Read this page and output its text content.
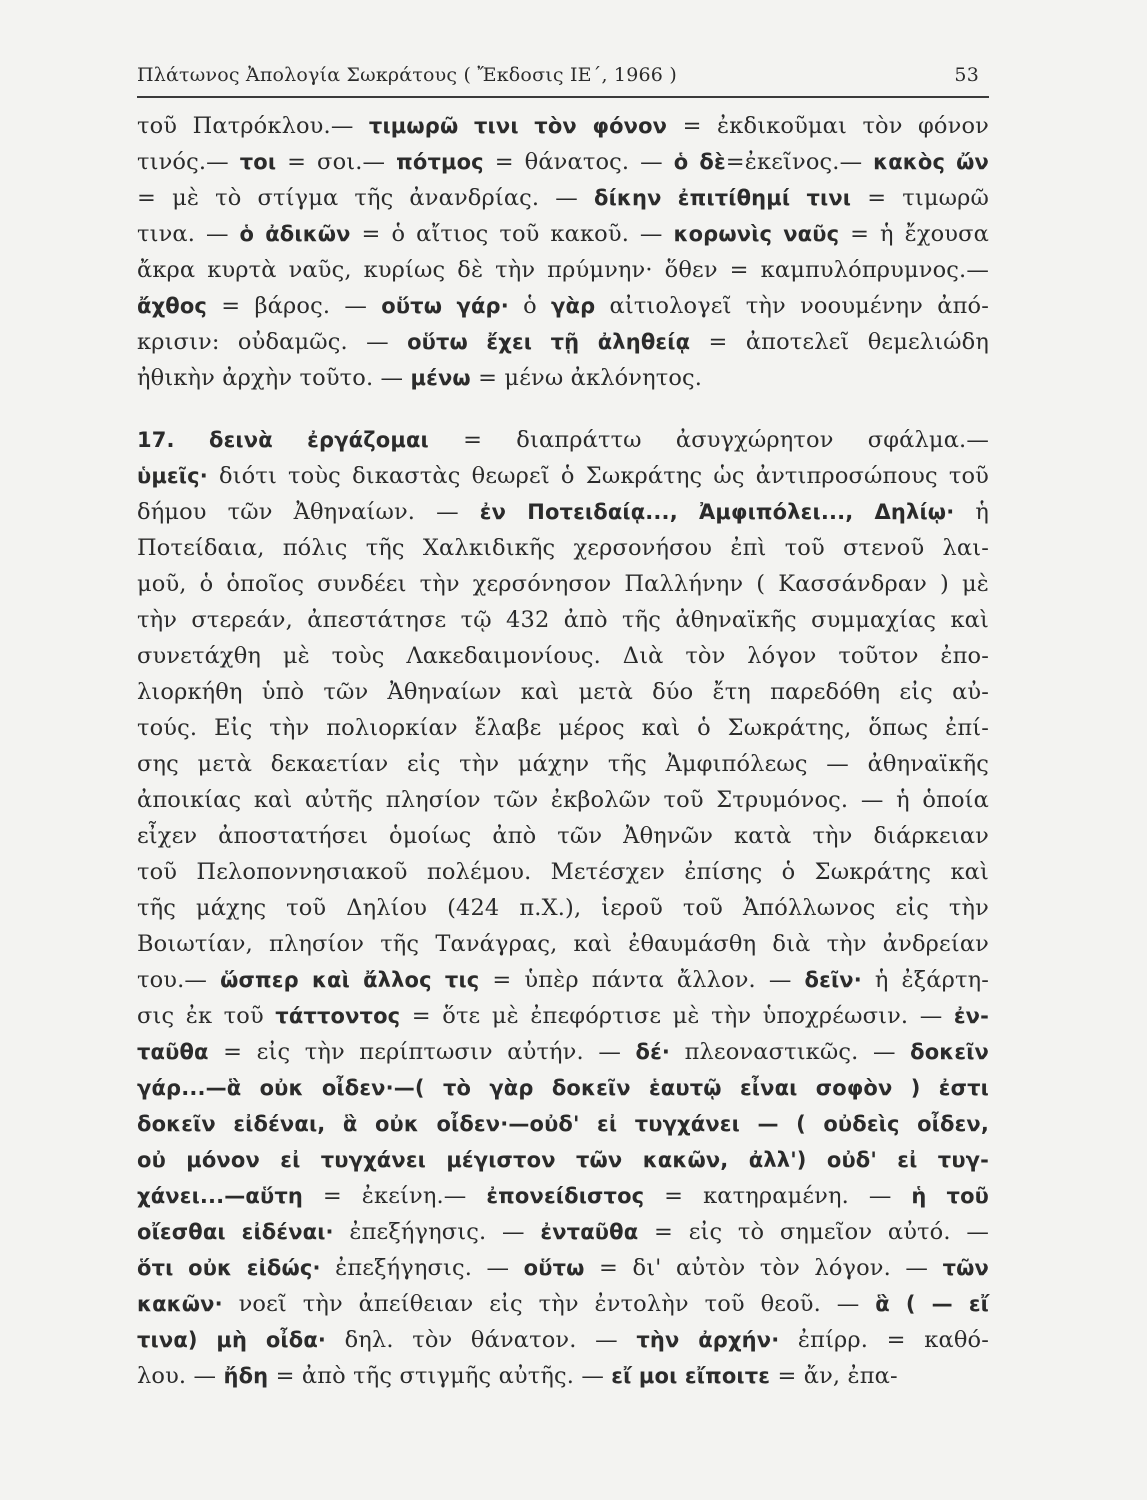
Πλάτωνος Ἀπολογία Σωκράτους ( Ἔκδοσις ΙΕ΄, 1966 )	53
τοῦ Πατρόκλου.— τιμωρῶ τινι τὸν φόνον = ἐκδικοῦμαι τὸν φόνον
τινός.— τοι = σοι.— πότμος = θάνατος. — ὁ δὲ=ἐκεῖνος.— κακὸς ὤν
= μὲ τὸ στίγμα τῆς ἀνανδρίας. — δίκην ἐπιτίθημί τινι = τιμωρῶ
τινα. — ὁ ἀδικῶν = ὁ αἴτιος τοῦ κακοῦ. — κορωνὶς ναῦς = ἡ ἔχουσα
ἄκρα κυρτὰ ναῦς, κυρίως δὲ τὴν πρύμνην· ὅθεν = καμπυλόπρυμνος.—
ἄχθος = βάρος. — οὕτω γάρ· ὁ γὰρ αἰτιολογεῖ τὴν νοουμένην ἀπό-
κρισιν: οὐδαμῶς. — οὕτω ἔχει τῇ ἀληθείᾳ = ἀποτελεῖ θεμελιώδη
ἠθικὴν ἀρχὴν τοῦτο. — μένω = μένω ἀκλόνητος.
17. δεινὰ ἐργάζομαι = διαπράττω ἀσυγχώρητον σφάλμα.—
ὑμεῖς· διότι τοὺς δικαστὰς θεωρεῖ ὁ Σωκράτης ὡς ἀντιπροσώπους τοῦ
δήμου τῶν Ἀθηναίων. — ἐν Ποτειδαίᾳ..., Ἀμφιπόλει..., Δηλίῳ· ἡ
Ποτείδαια, πόλις τῆς Χαλκιδικῆς χερσονήσου ἐπὶ τοῦ στενοῦ λαι-
μοῦ, ὁ ὁποῖος συνδέει τὴν χερσόνησον Παλλήνην ( Κασσάνδραν ) μὲ
τὴν στερεάν, ἀπεστάτησε τῷ 432 ἀπὸ τῆς ἀθηναϊκῆς συμμαχίας καὶ
συνετάχθη μὲ τοὺς Λακεδαιμονίους. Διὰ τὸν λόγον τοῦτον ἐπο-
λιορκήθη ὑπὸ τῶν Ἀθηναίων καὶ μετὰ δύο ἔτη παρεδόθη εἰς αὐ-
τούς. Εἰς τὴν πολιορκίαν ἔλαβε μέρος καὶ ὁ Σωκράτης, ὅπως ἐπί-
σης μετὰ δεκαετίαν εἰς τὴν μάχην τῆς Ἀμφιπόλεως — ἀθηναϊκῆς
ἀποικίας καὶ αὐτῆς πλησίον τῶν ἐκβολῶν τοῦ Στρυμόνος. — ἡ ὁποία
εἶχεν ἀποστατήσει ὁμοίως ἀπὸ τῶν Ἀθηνῶν κατὰ τὴν διάρκειαν
τοῦ Πελοποννησιακοῦ πολέμου. Μετέσχεν ἐπίσης ὁ Σωκράτης καὶ
τῆς μάχης τοῦ Δηλίου (424 π.Χ.), ἱεροῦ τοῦ Ἀπόλλωνος εἰς τὴν
Βοιωτίαν, πλησίον τῆς Τανάγρας, καὶ ἐθαυμάσθη διὰ τὴν ἀνδρείαν
του.— ὥσπερ καὶ ἄλλος τις = ὑπὲρ πάντα ἄλλον. — δεῖν· ἡ ἐξάρτη-
σις ἐκ τοῦ τάττοντος = ὅτε μὲ ἐπεφόρτισε μὲ τὴν ὑποχρέωσιν. — ἐν-
ταῦθα = εἰς τὴν περίπτωσιν αὐτήν. — δέ· πλεοναστικῶς. — δοκεῖν
γάρ...—ἃ οὐκ οἶδεν·—( τὸ γὰρ δοκεῖν ἑαυτῷ εἶναι σοφὸν ) ἐστι
δοκεῖν εἰδέναι, ἃ οὐκ οἶδεν·—οὐδ' εἰ τυγχάνει — ( οὐδεὶς οἶδεν,
οὐ μόνον εἰ τυγχάνει μέγιστον τῶν κακῶν, ἀλλ') οὐδ' εἰ τυγ-
χάνει...—αὕτη = ἐκείνη.— ἐπονείδιστος = κατηραμένη. — ἡ τοῦ
οἴεσθαι εἰδέναι· ἐπεξήγησις. — ἐνταῦθα = εἰς τὸ σημεῖον αὐτό. —
ὅτι οὐκ εἰδώς· ἐπεξήγησις. — οὕτω = δι' αὐτὸν τὸν λόγον. — τῶν
κακῶν· νοεῖ τὴν ἀπείθειαν εἰς τὴν ἐντολὴν τοῦ θεοῦ. — ἃ ( — εἴ
τινα) μὴ οἶδα· δηλ. τὸν θάνατον. — τὴν ἀρχήν· ἐπίρρ. = καθό-
λου. — ἤδη = ἀπὸ τῆς στιγμῆς αὐτῆς. — εἴ μοι εἴποιτε = ἄν, ἐπα-
